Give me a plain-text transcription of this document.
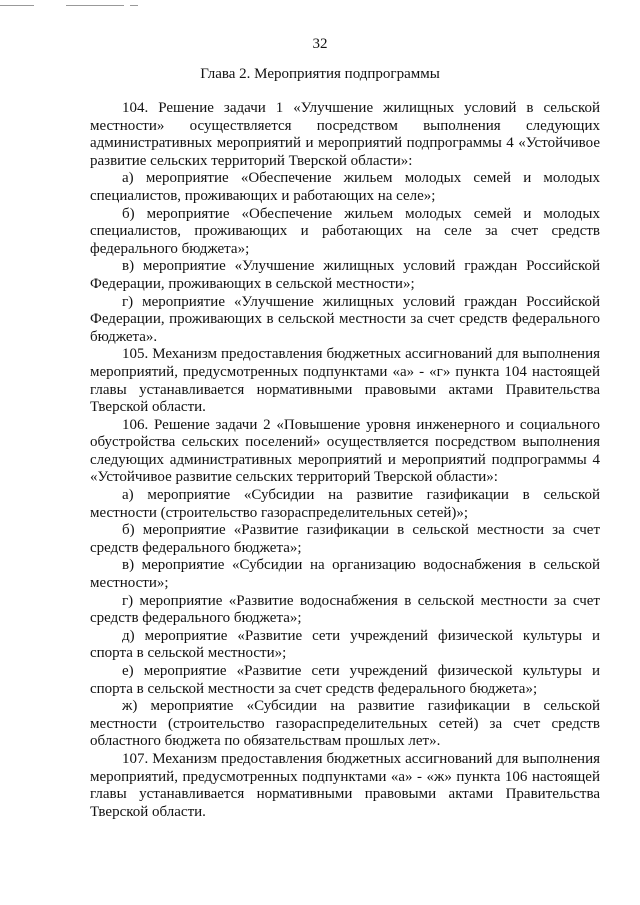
32
Глава 2. Мероприятия подпрограммы

104. Решение задачи 1 «Улучшение жилищных условий в сельской местности» осуществляется посредством выполнения следующих административных мероприятий и мероприятий подпрограммы 4 «Устойчивое развитие сельских территорий Тверской области»:

а) мероприятие «Обеспечение жильем молодых семей и молодых специалистов, проживающих и работающих на селе»;

б) мероприятие «Обеспечение жильем молодых семей и молодых специалистов, проживающих и работающих на селе за счет средств федерального бюджета»;

в) мероприятие «Улучшение жилищных условий граждан Российской Федерации, проживающих в сельской местности»;

г) мероприятие «Улучшение жилищных условий граждан Российской Федерации, проживающих в сельской местности за счет средств федерального бюджета».

105. Механизм предоставления бюджетных ассигнований для выполнения мероприятий, предусмотренных подпунктами «а» - «г» пункта 104 настоящей главы устанавливается нормативными правовыми актами Правительства Тверской области.

106. Решение задачи 2 «Повышение уровня инженерного и социального обустройства сельских поселений» осуществляется посредством выполнения следующих административных мероприятий и мероприятий подпрограммы 4 «Устойчивое развитие сельских территорий Тверской области»:

а) мероприятие «Субсидии на развитие газификации в сельской местности (строительство газораспределительных сетей)»;

б) мероприятие «Развитие газификации в сельской местности за счет средств федерального бюджета»;

в) мероприятие «Субсидии на организацию водоснабжения в сельской местности»;

г) мероприятие «Развитие водоснабжения в сельской местности за счет средств федерального бюджета»;

д) мероприятие «Развитие сети учреждений физической культуры и спорта в сельской местности»;

е) мероприятие «Развитие сети учреждений физической культуры и спорта в сельской местности за счет средств федерального бюджета»;

ж) мероприятие «Субсидии на развитие газификации в сельской местности (строительство газораспределительных сетей) за счет средств областного бюджета по обязательствам прошлых лет».

107. Механизм предоставления бюджетных ассигнований для выполнения мероприятий, предусмотренных подпунктами «а» - «ж» пункта 106 настоящей главы устанавливается нормативными правовыми актами Правительства Тверской области.
